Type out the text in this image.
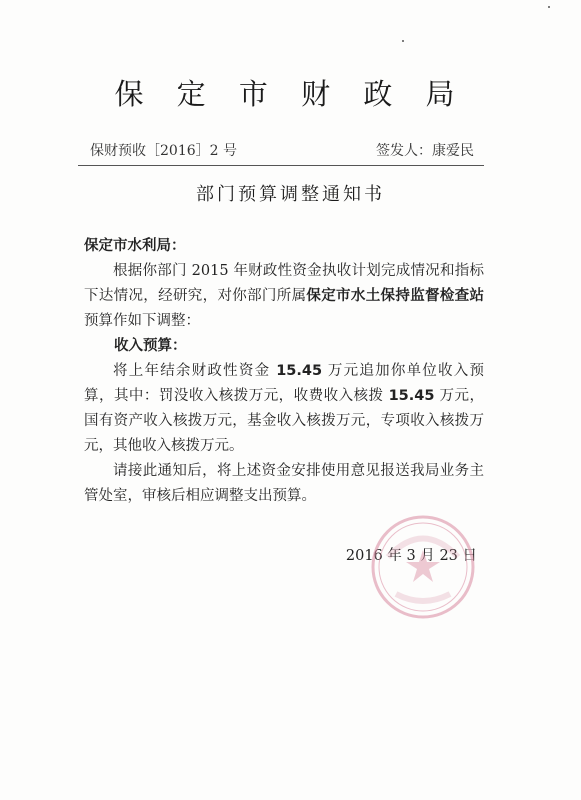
保 定 市 财 政 局
保财预收［2016］2 号	签发人：康爱民
部门预算调整通知书
保定市水利局：
根据你部门 2015 年财政性资金执收计划完成情况和指标下达情况，经研究，对你部门所属保定市水土保持监督检查站预算作如下调整：
收入预算：
将上年结余财政性资金 15.45 万元追加你单位收入预算，其中：罚没收入核拨万元，收费收入核拨 15.45 万元，国有资产收入核拨万元，基金收入核拨万元，专项收入核拨万元，其他收入核拨万元。
请接此通知后，将上述资金安排使用意见报送我局业务主管处室，审核后相应调整支出预算。
2016 年 3 月 23 日
